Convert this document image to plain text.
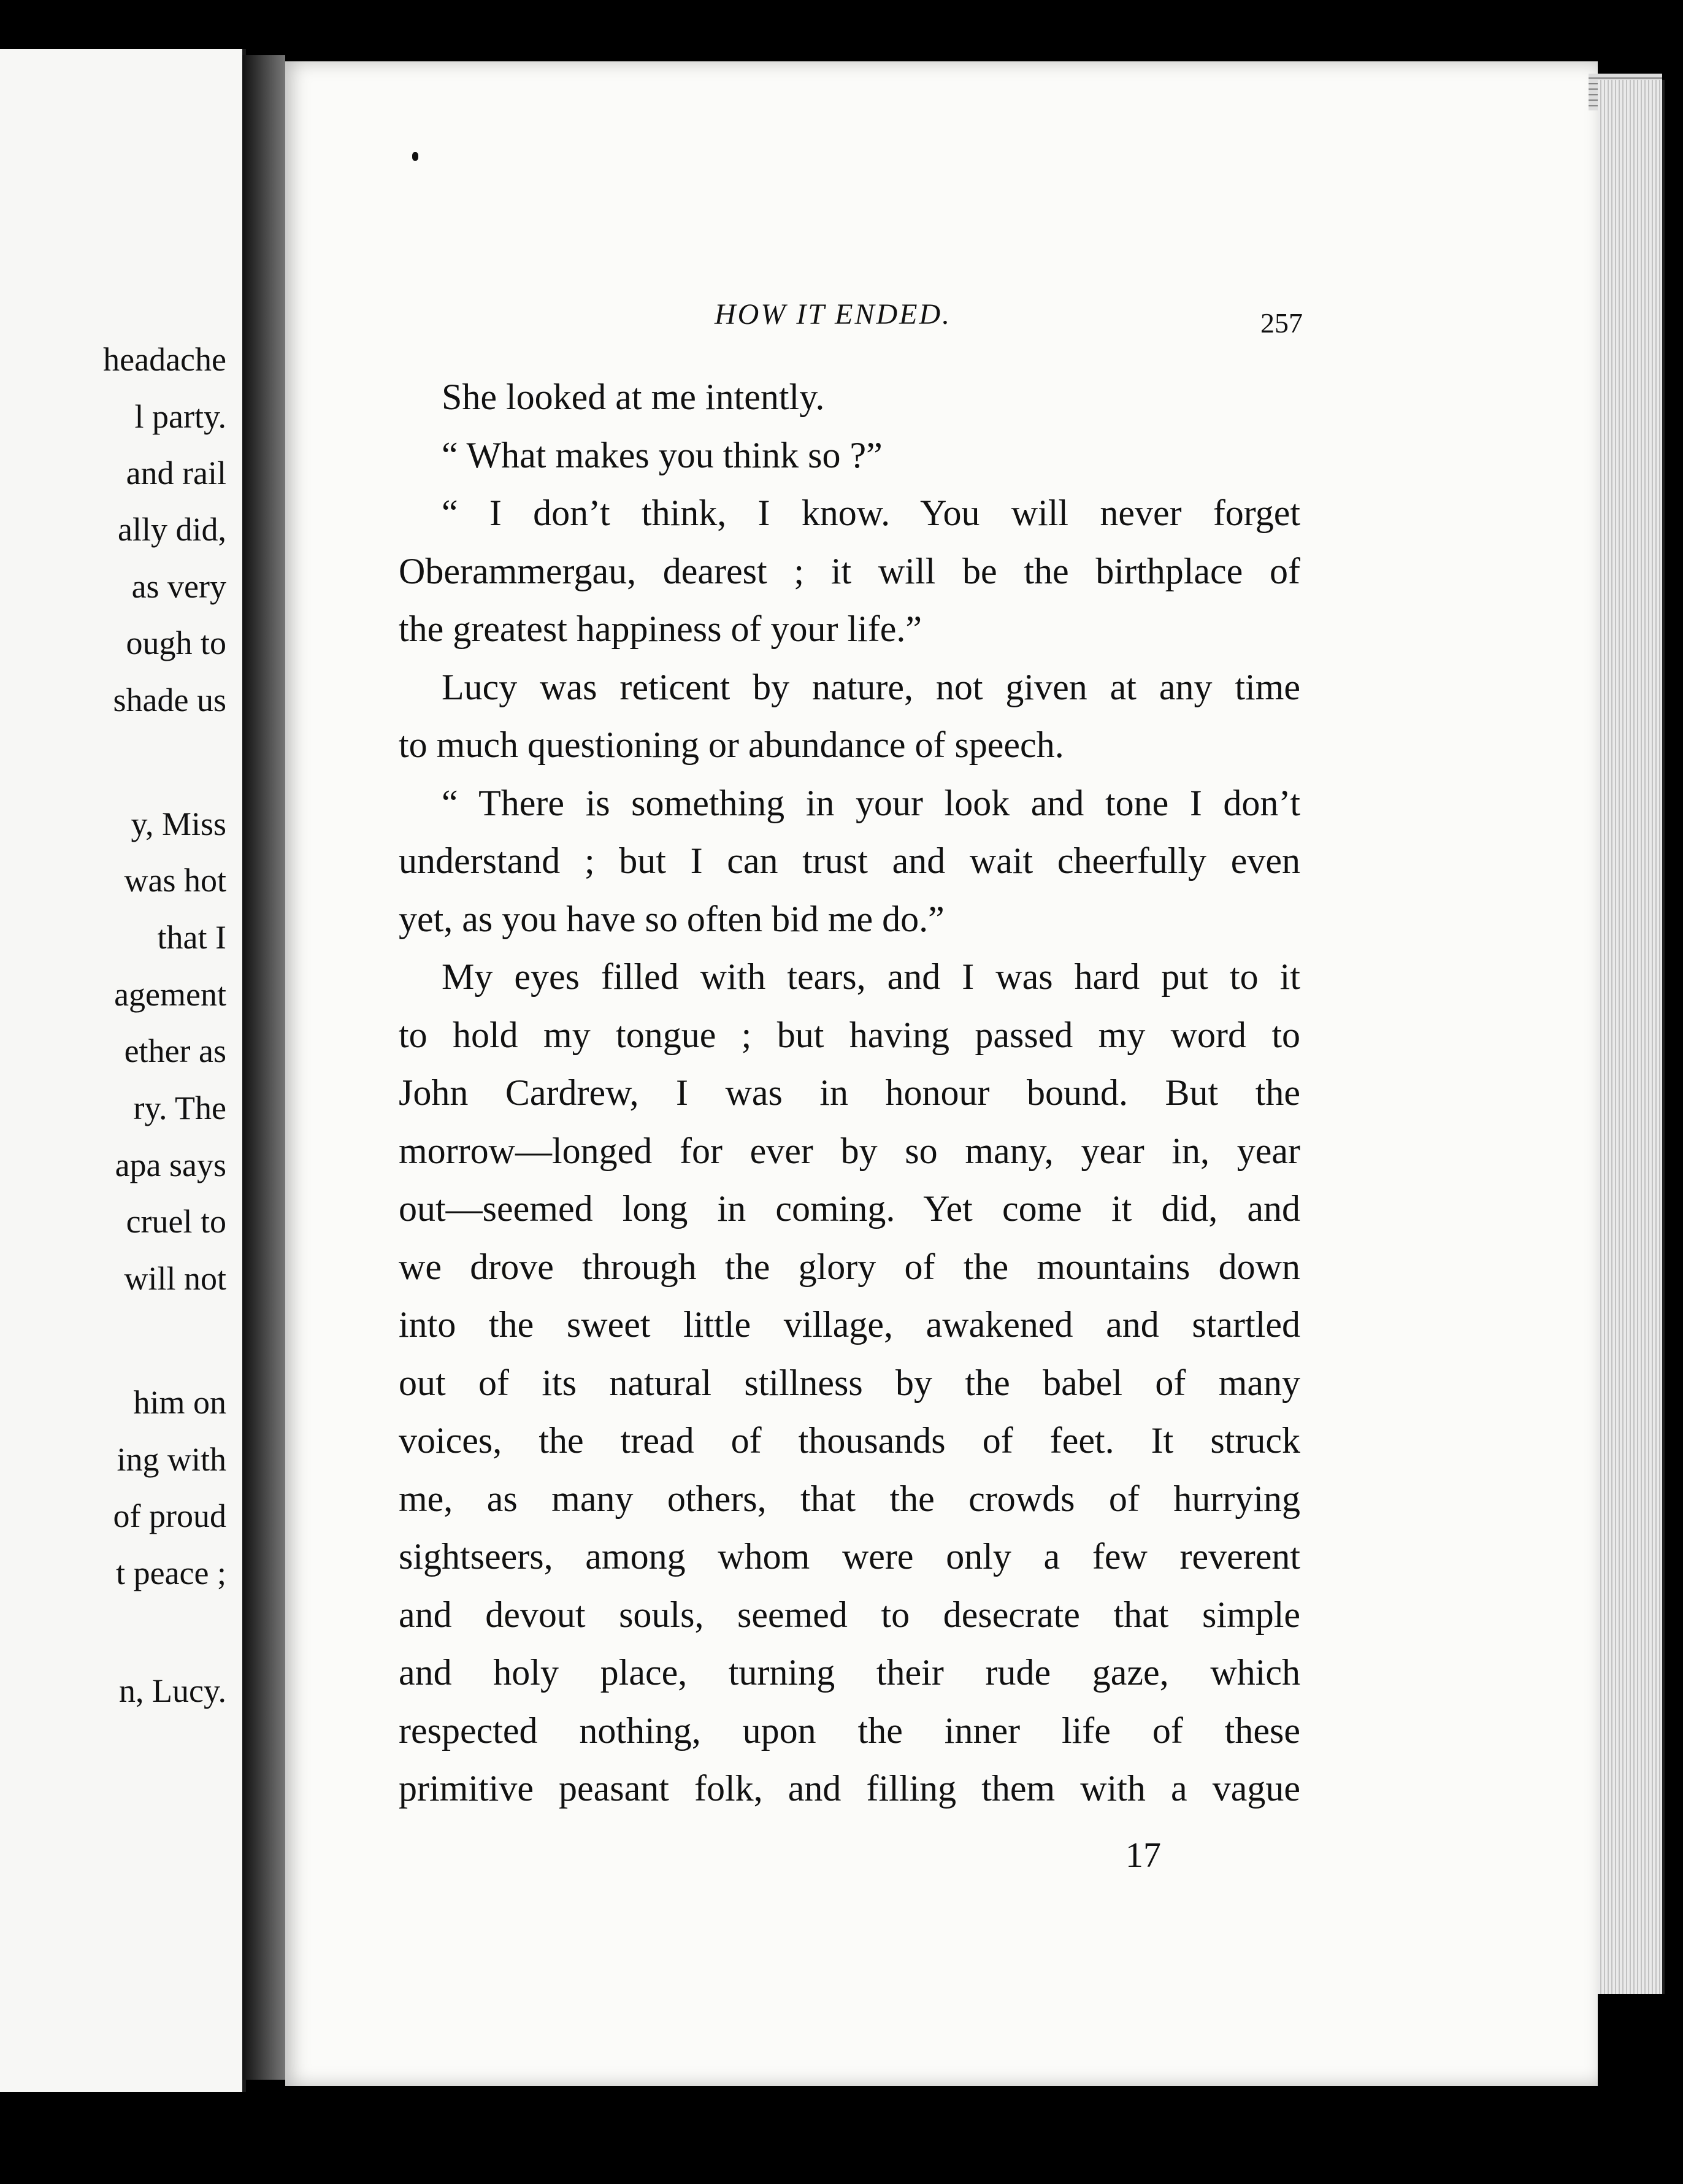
headache
l party.
and rail
ally did,
as very
ough to
shade us
y, Miss
was hot
that I
agement
ether as
ry. The
apa says
cruel to
will not
him on
ing with
of proud
t peace ;
n, Lucy.
HOW IT ENDED.	257
She looked at me intently.
“ What makes you think so ?”
“ I don’t think, I know. You will never forget
Oberammergau, dearest ; it will be the birthplace of
the greatest happiness of your life.”
Lucy was reticent by nature, not given at any time
to much questioning or abundance of speech.
“ There is something in your look and tone I don’t
understand ; but I can trust and wait cheerfully even
yet, as you have so often bid me do.”
My eyes filled with tears, and I was hard put to it
to hold my tongue ; but having passed my word to
John Cardrew, I was in honour bound. But the
morrow—longed for ever by so many, year in, year
out—seemed long in coming. Yet come it did, and
we drove through the glory of the mountains down
into the sweet little village, awakened and startled
out of its natural stillness by the babel of many
voices, the tread of thousands of feet. It struck
me, as many others, that the crowds of hurrying
sightseers, among whom were only a few reverent
and devout souls, seemed to desecrate that simple
and holy place, turning their rude gaze, which
respected nothing, upon the inner life of these
primitive peasant folk, and filling them with a vague
17
